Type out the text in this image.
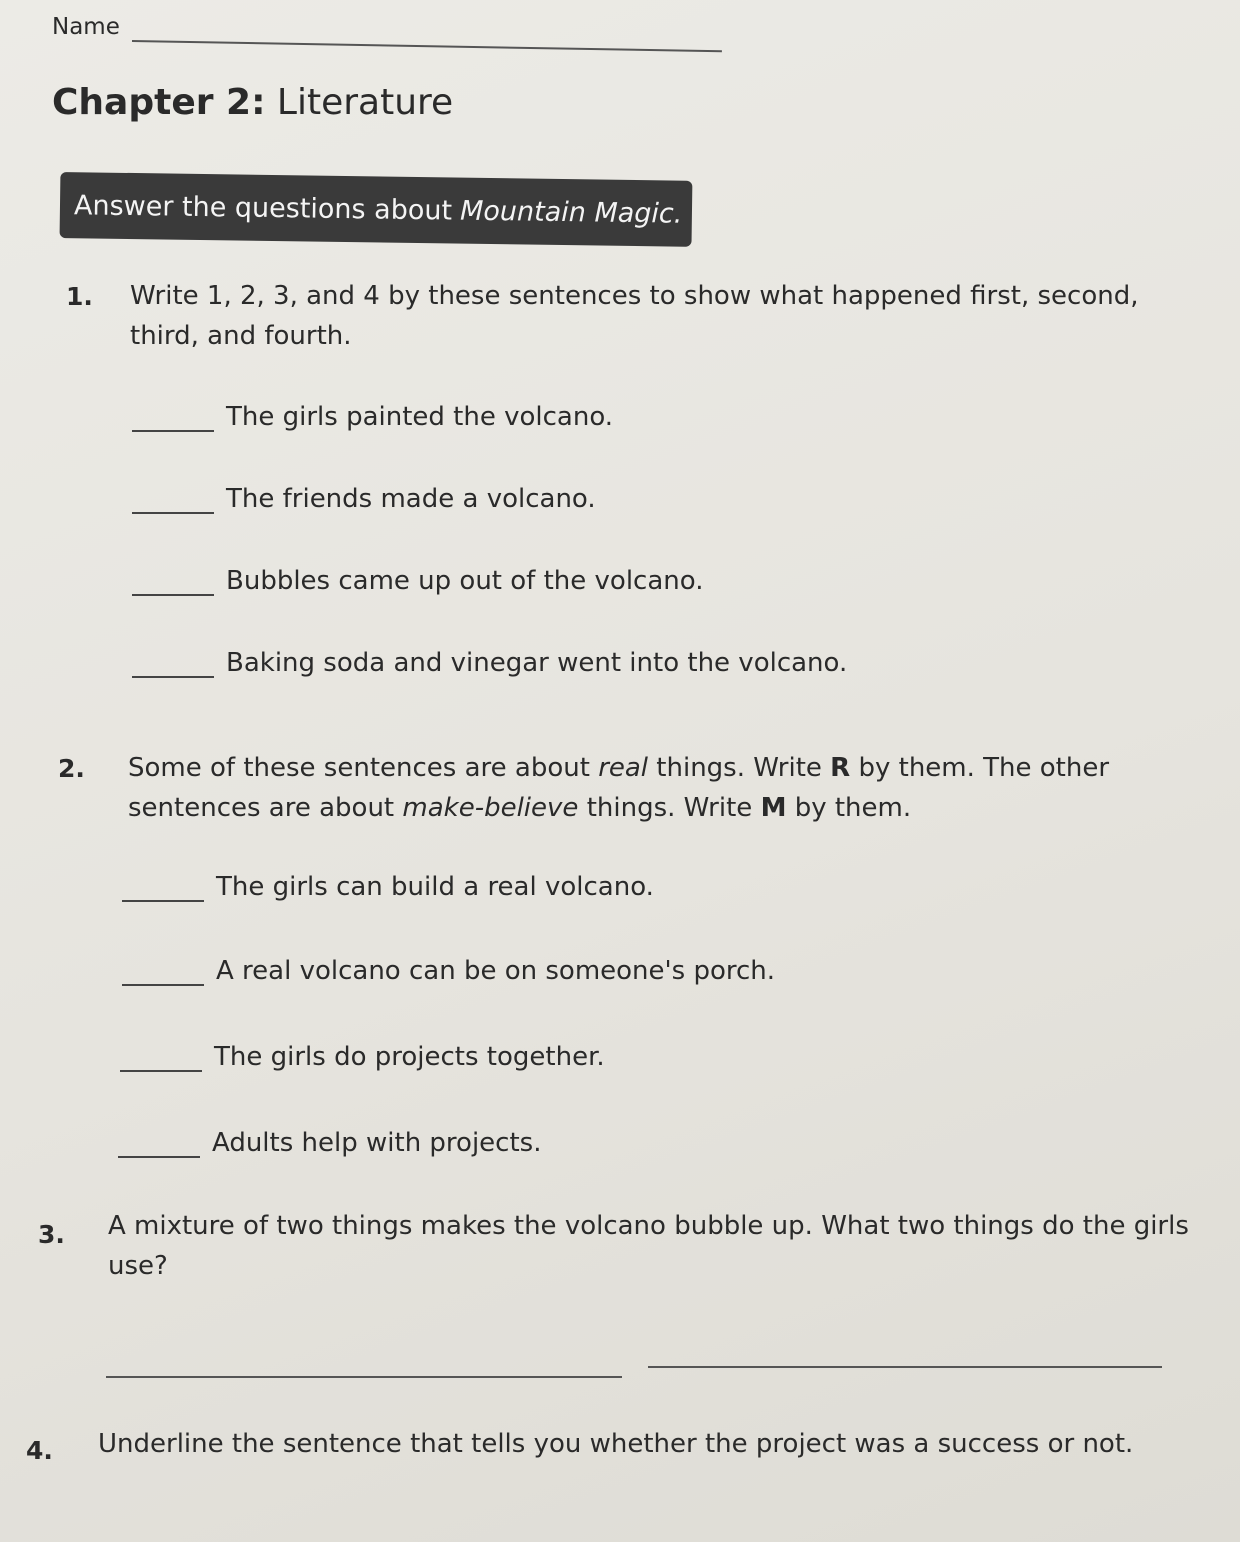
Name
Chapter 2: Literature
Answer the questions about Mountain Magic.
1. Write 1, 2, 3, and 4 by these sentences to show what happened first, second, third, and fourth.
The girls painted the volcano.
The friends made a volcano.
Bubbles came up out of the volcano.
Baking soda and vinegar went into the volcano.
2. Some of these sentences are about real things. Write R by them. The other sentences are about make-believe things. Write M by them.
The girls can build a real volcano.
A real volcano can be on someone's porch.
The girls do projects together.
Adults help with projects.
3. A mixture of two things makes the volcano bubble up. What two things do the girls use?
4. Underline the sentence that tells you whether the project was a success or not.
